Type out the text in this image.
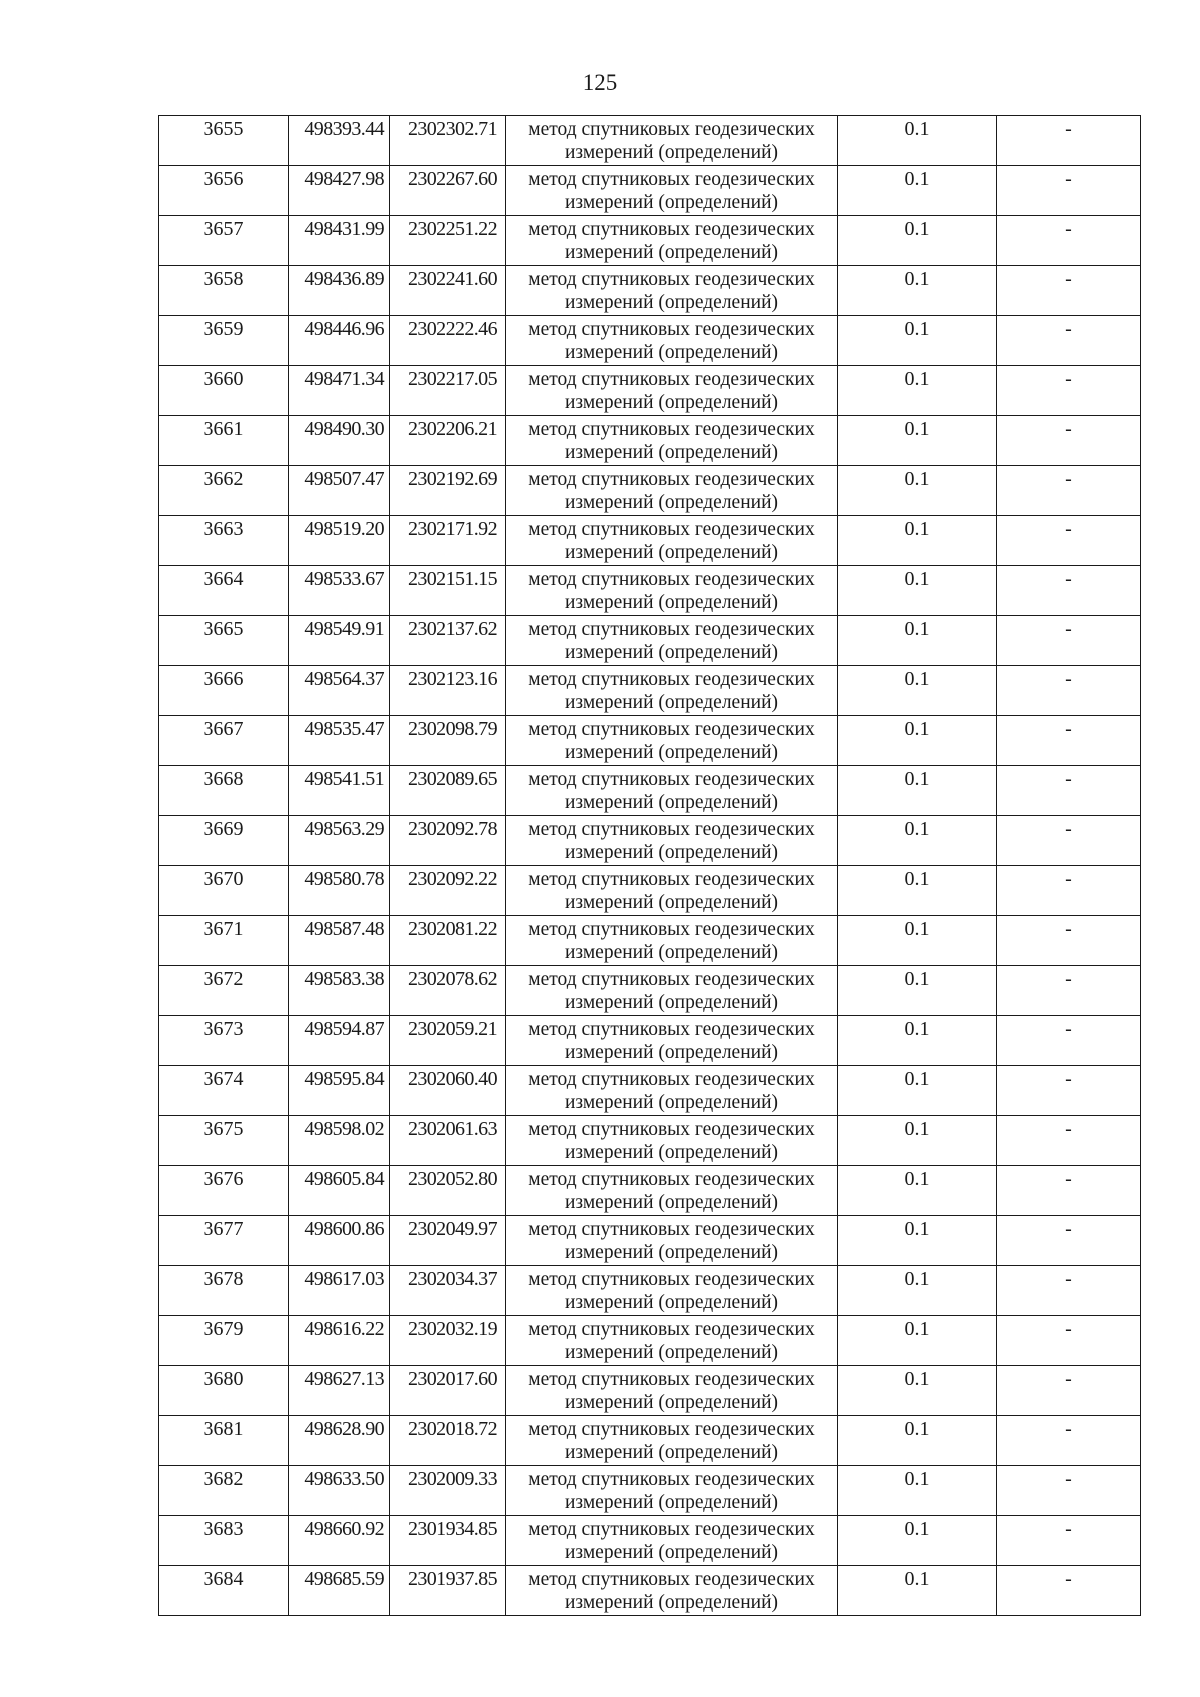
125
3655	498393.44	2302302.71	метод спутниковых геодезических
измерений (определений)	0.1	-
3656	498427.98	2302267.60	метод спутниковых геодезических
измерений (определений)	0.1	-
3657	498431.99	2302251.22	метод спутниковых геодезических
измерений (определений)	0.1	-
3658	498436.89	2302241.60	метод спутниковых геодезических
измерений (определений)	0.1	-
3659	498446.96	2302222.46	метод спутниковых геодезических
измерений (определений)	0.1	-
3660	498471.34	2302217.05	метод спутниковых геодезических
измерений (определений)	0.1	-
3661	498490.30	2302206.21	метод спутниковых геодезических
измерений (определений)	0.1	-
3662	498507.47	2302192.69	метод спутниковых геодезических
измерений (определений)	0.1	-
3663	498519.20	2302171.92	метод спутниковых геодезических
измерений (определений)	0.1	-
3664	498533.67	2302151.15	метод спутниковых геодезических
измерений (определений)	0.1	-
3665	498549.91	2302137.62	метод спутниковых геодезических
измерений (определений)	0.1	-
3666	498564.37	2302123.16	метод спутниковых геодезических
измерений (определений)	0.1	-
3667	498535.47	2302098.79	метод спутниковых геодезических
измерений (определений)	0.1	-
3668	498541.51	2302089.65	метод спутниковых геодезических
измерений (определений)	0.1	-
3669	498563.29	2302092.78	метод спутниковых геодезических
измерений (определений)	0.1	-
3670	498580.78	2302092.22	метод спутниковых геодезических
измерений (определений)	0.1	-
3671	498587.48	2302081.22	метод спутниковых геодезических
измерений (определений)	0.1	-
3672	498583.38	2302078.62	метод спутниковых геодезических
измерений (определений)	0.1	-
3673	498594.87	2302059.21	метод спутниковых геодезических
измерений (определений)	0.1	-
3674	498595.84	2302060.40	метод спутниковых геодезических
измерений (определений)	0.1	-
3675	498598.02	2302061.63	метод спутниковых геодезических
измерений (определений)	0.1	-
3676	498605.84	2302052.80	метод спутниковых геодезических
измерений (определений)	0.1	-
3677	498600.86	2302049.97	метод спутниковых геодезических
измерений (определений)	0.1	-
3678	498617.03	2302034.37	метод спутниковых геодезических
измерений (определений)	0.1	-
3679	498616.22	2302032.19	метод спутниковых геодезических
измерений (определений)	0.1	-
3680	498627.13	2302017.60	метод спутниковых геодезических
измерений (определений)	0.1	-
3681	498628.90	2302018.72	метод спутниковых геодезических
измерений (определений)	0.1	-
3682	498633.50	2302009.33	метод спутниковых геодезических
измерений (определений)	0.1	-
3683	498660.92	2301934.85	метод спутниковых геодезических
измерений (определений)	0.1	-
3684	498685.59	2301937.85	метод спутниковых геодезических
измерений (определений)	0.1	-
